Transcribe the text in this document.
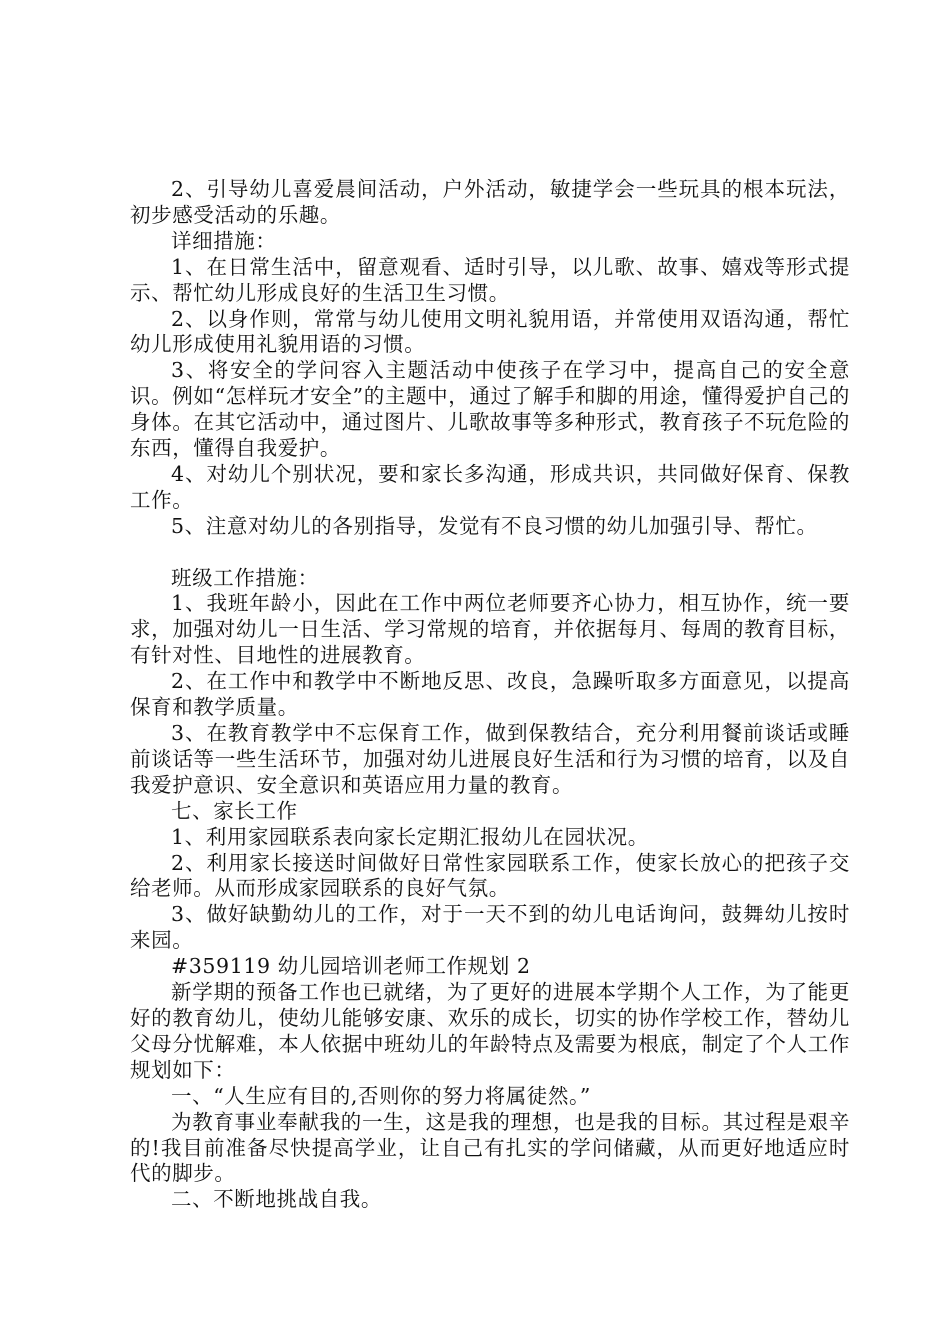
2、引导幼儿喜爱晨间活动，户外活动，敏捷学会一些玩具的根本玩法，初步感受活动的乐趣。

详细措施：

1、在日常生活中，留意观看、适时引导，以儿歌、故事、嬉戏等形式提示、帮忙幼儿形成良好的生活卫生习惯。

2、以身作则，常常与幼儿使用文明礼貌用语，并常使用双语沟通，帮忙幼儿形成使用礼貌用语的习惯。

3、将安全的学问容入主题活动中使孩子在学习中，提高自己的安全意识。例如“怎样玩才安全”的主题中，通过了解手和脚的用途，懂得爱护自己的身体。在其它活动中，通过图片、儿歌故事等多种形式，教育孩子不玩危险的东西，懂得自我爱护。

4、对幼儿个别状况，要和家长多沟通，形成共识，共同做好保育、保教工作。

5、注意对幼儿的各别指导，发觉有不良习惯的幼儿加强引导、帮忙。

班级工作措施：

1、我班年龄小，因此在工作中两位老师要齐心协力，相互协作，统一要求，加强对幼儿一日生活、学习常规的培育，并依据每月、每周的教育目标，有针对性、目地性的进展教育。

2、在工作中和教学中不断地反思、改良，急躁听取多方面意见，以提高保育和教学质量。

3、在教育教学中不忘保育工作，做到保教结合，充分利用餐前谈话或睡前谈话等一些生活环节，加强对幼儿进展良好生活和行为习惯的培育，以及自我爱护意识、安全意识和英语应用力量的教育。

七、家长工作

1、利用家园联系表向家长定期汇报幼儿在园状况。

2、利用家长接送时间做好日常性家园联系工作，使家长放心的把孩子交给老师。从而形成家园联系的良好气氛。

3、做好缺勤幼儿的工作，对于一天不到的幼儿电话询问，鼓舞幼儿按时来园。

#359119 幼儿园培训老师工作规划 2

新学期的预备工作也已就绪，为了更好的进展本学期个人工作，为了能更好的教育幼儿，使幼儿能够安康、欢乐的成长，切实的协作学校工作，替幼儿父母分忧解难，本人依据中班幼儿的年龄特点及需要为根底，制定了个人工作规划如下：

一、“人生应有目的,否则你的努力将属徒然。”

为教育事业奉献我的一生，这是我的理想，也是我的目标。其过程是艰辛的!我目前准备尽快提高学业，让自己有扎实的学问储藏，从而更好地适应时代的脚步。

二、不断地挑战自我。
